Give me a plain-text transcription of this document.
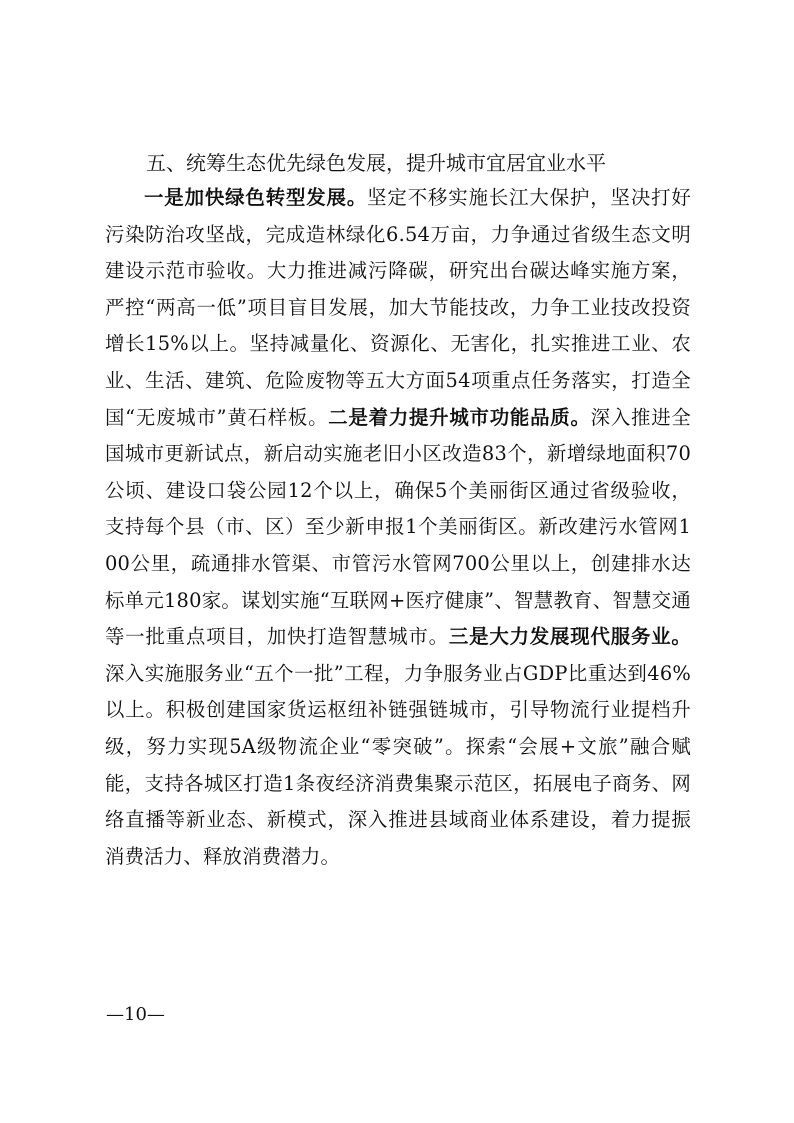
五、统筹生态优先绿色发展，提升城市宜居宜业水平

一是加快绿色转型发展。坚定不移实施长江大保护，坚决打好污染防治攻坚战，完成造林绿化6.54万亩，力争通过省级生态文明建设示范市验收。大力推进减污降碳，研究出台碳达峰实施方案，严控“两高一低”项目盲目发展，加大节能技改，力争工业技改投资增长15%以上。坚持减量化、资源化、无害化，扎实推进工业、农业、生活、建筑、危险废物等五大方面54项重点任务落实，打造全国“无废城市”黄石样板。二是着力提升城市功能品质。深入推进全国城市更新试点，新启动实施老旧小区改造83个，新增绿地面积70公顷、建设口袋公园12个以上，确保5个美丽街区通过省级验收，支持每个县（市、区）至少新申报1个美丽街区。新改建污水管网100公里，疏通排水管渠、市管污水管网700公里以上，创建排水达标单元180家。谋划实施“互联网+医疗健康”、智慧教育、智慧交通等一批重点项目，加快打造智慧城市。三是大力发展现代服务业。深入实施服务业“五个一批”工程，力争服务业占GDP比重达到46%以上。积极创建国家货运枢纽补链强链城市，引导物流行业提档升级，努力实现5A级物流企业“零突破”。探索“会展+文旅”融合赋能，支持各城区打造1条夜经济消费集聚示范区，拓展电子商务、网络直播等新业态、新模式，深入推进县域商业体系建设，着力提振消费活力、释放消费潜力。

—10—
